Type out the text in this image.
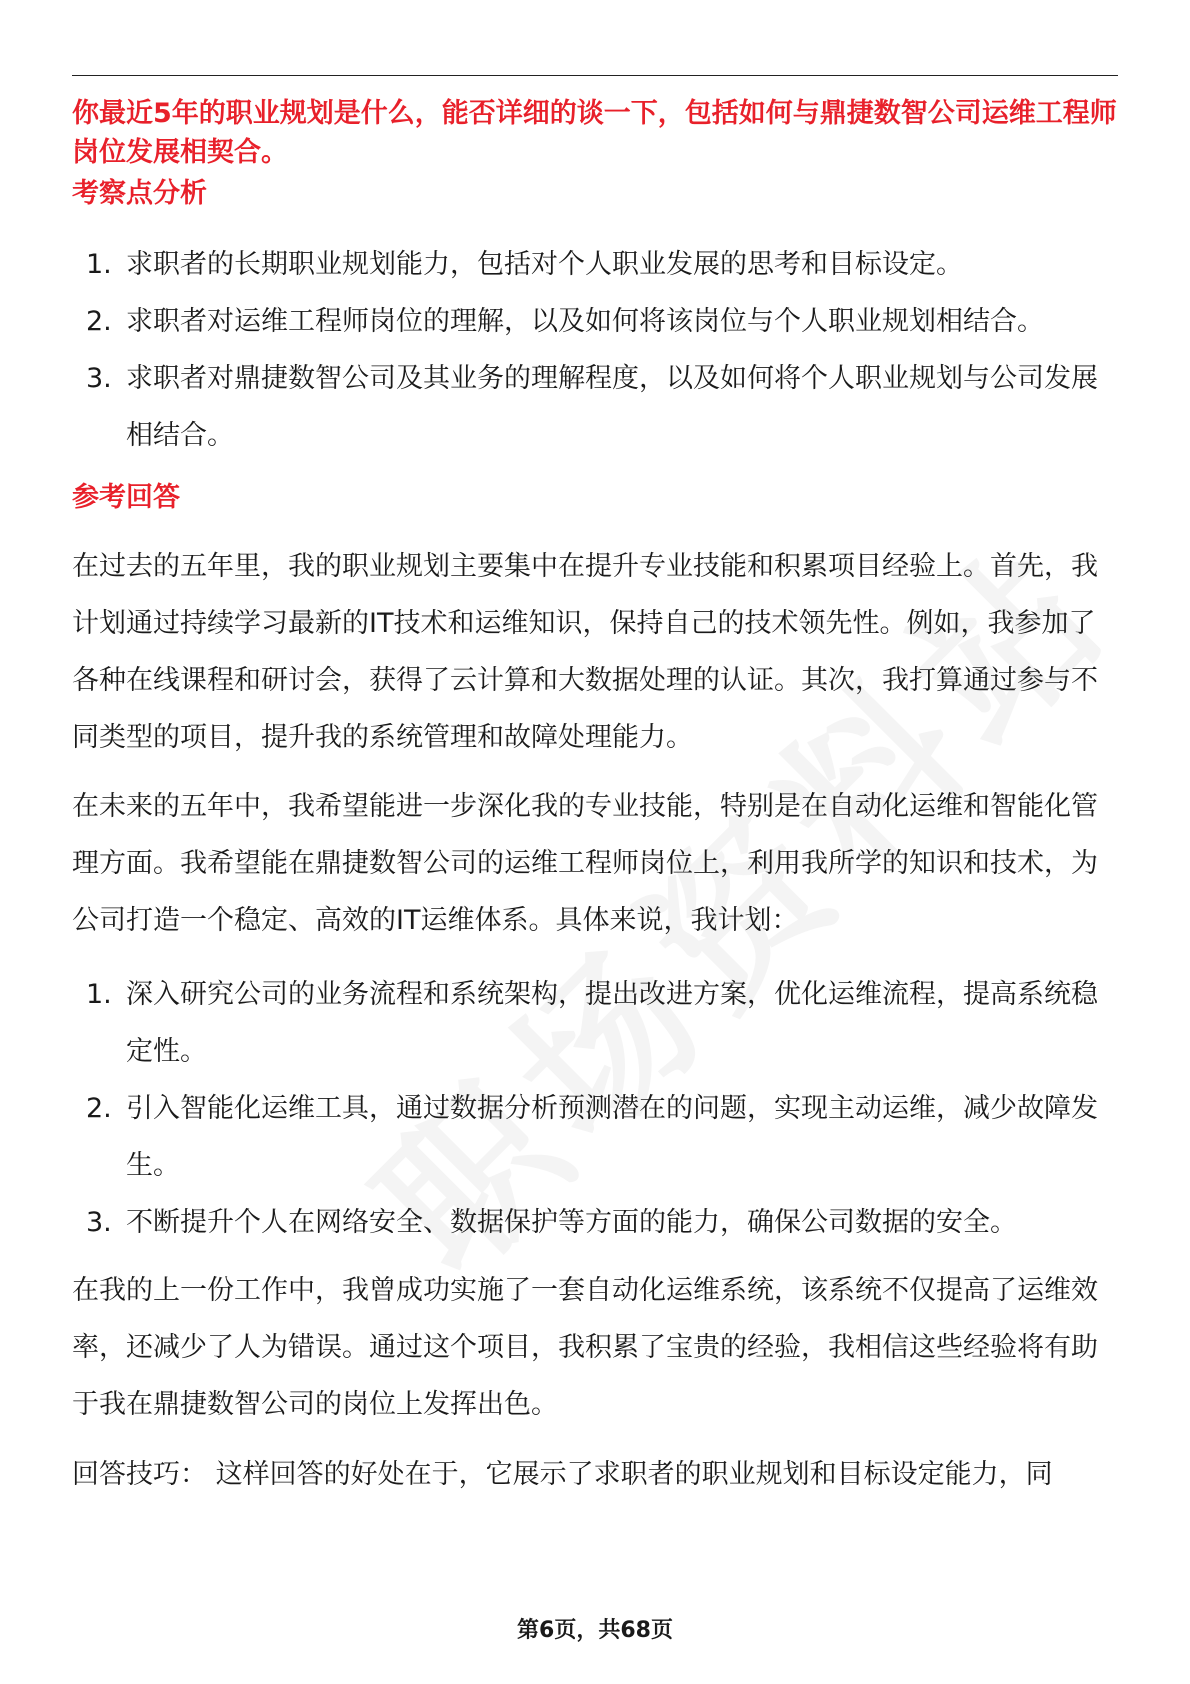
你最近5年的职业规划是什么，能否详细的谈一下，包括如何与鼎捷数智公司运维工程师岗位发展相契合。
考察点分析
1. 求职者的长期职业规划能力，包括对个人职业发展的思考和目标设定。
2. 求职者对运维工程师岗位的理解，以及如何将该岗位与个人职业规划相结合。
3. 求职者对鼎捷数智公司及其业务的理解程度，以及如何将个人职业规划与公司发展相结合。
参考回答

在过去的五年里，我的职业规划主要集中在提升专业技能和积累项目经验上。首先，我计划通过持续学习最新的IT技术和运维知识，保持自己的技术领先性。例如，我参加了各种在线课程和研讨会，获得了云计算和大数据处理的认证。其次，我打算通过参与不同类型的项目，提升我的系统管理和故障处理能力。

在未来的五年中，我希望能进一步深化我的专业技能，特别是在自动化运维和智能化管理方面。我希望能在鼎捷数智公司的运维工程师岗位上，利用我所学的知识和技术，为公司打造一个稳定、高效的IT运维体系。具体来说，我计划：

1. 深入研究公司的业务流程和系统架构，提出改进方案，优化运维流程，提高系统稳定性。
2. 引入智能化运维工具，通过数据分析预测潜在的问题，实现主动运维，减少故障发生。
3. 不断提升个人在网络安全、数据保护等方面的能力，确保公司数据的安全。

在我的上一份工作中，我曾成功实施了一套自动化运维系统，该系统不仅提高了运维效率，还减少了人为错误。通过这个项目，我积累了宝贵的经验，我相信这些经验将有助于我在鼎捷数智公司的岗位上发挥出色。

回答技巧： 这样回答的好处在于，它展示了求职者的职业规划和目标设定能力，同

第6页，共68页
